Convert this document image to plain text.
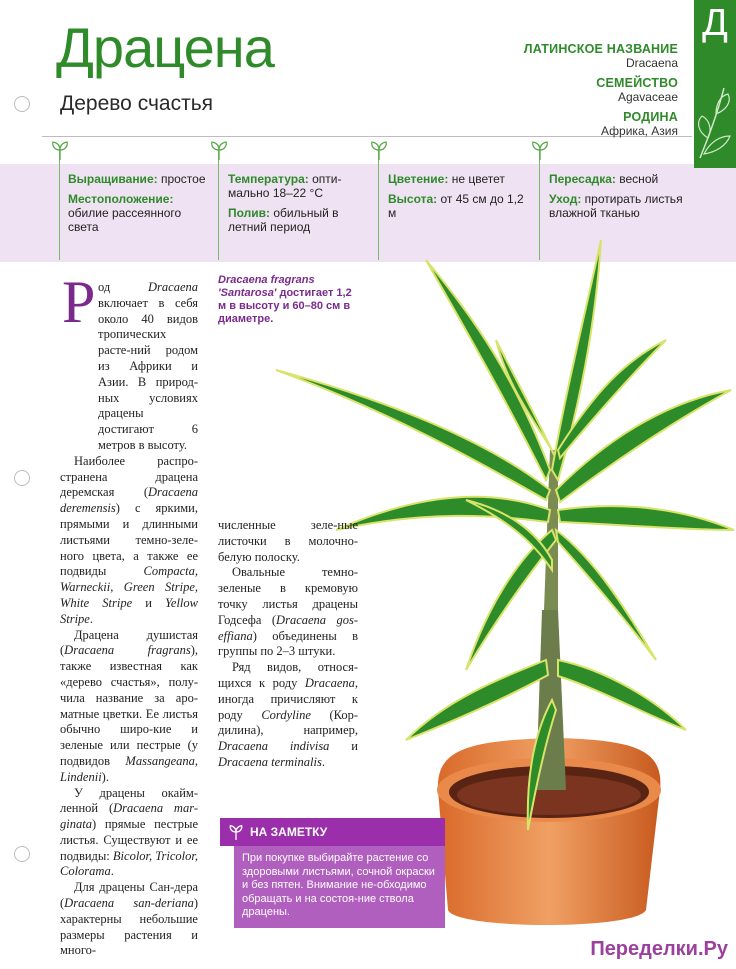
Д
Драцена
Дерево счастья
ЛАТИНСКОЕ НАЗВАНИЕ
Dracaena
СЕМЕЙСТВО
Agavaceae
РОДИНА
Африка, Азия

Выращивание: простое

Местоположение: обилие рассеянного света

Температура: опти-мально 18–22 °C

Полив: обильный в летний период

Цветение: не цветет

Высота: от 45 см до 1,2 м

Пересадка: весной

Уход: протирать листья влажной тканью

Dracaena fragrans 'Santarosa' достигает 1,2 м в высоту и 60–80 см в диаметре.
Р од Dracaena включает в себя около 40 видов тропических расте-ний родом из Африки и Азии. В природ-ных условиях драцены достигают 6 метров в высоту.

Наиболее распро-странена драцена деремская (Dracaena deremensis) с яркими, прямыми и длинными листьями темно-зеле-ного цвета, а также ее подвиды Compacta, Warneckii, Green Stripe, White Stripe и Yellow Stripe.

Драцена душистая (Dracaena fragrans), также известная как «дерево счастья», полу-чила название за аро-матные цветки. Ее листья обычно широ-кие и зеленые или пестрые (у подвидов Massangeana, Lindenii).

У драцены окайм-ленной (Dracaena mar-ginata) прямые пестрые листья. Существуют и ее подвиды: Bicolor, Tricolor, Colorama.

Для драцены Сан-дера (Dracaena san-deriana) характерны небольшие размеры растения и много-

численные зеле-ные листочки в молочно-белую полоску.

Овальные темно-зеленые в кремовую точку листья драцены Годсефа (Dracaena gos-effiana) объединены в группы по 2–3 штуки.

Ряд видов, относя-щихся к роду Dracaena, иногда причисляют к роду Cordyline (Кор-дилина), например, Dracaena indivisa и Dracaena terminalis.

НА ЗАМЕТКУ
При покупке выбирайте растение со здоровыми листьями, сочной окраски и без пятен. Внимание не-обходимо обращать и на состоя-ние ствола драцены.
Переделки.Ру
